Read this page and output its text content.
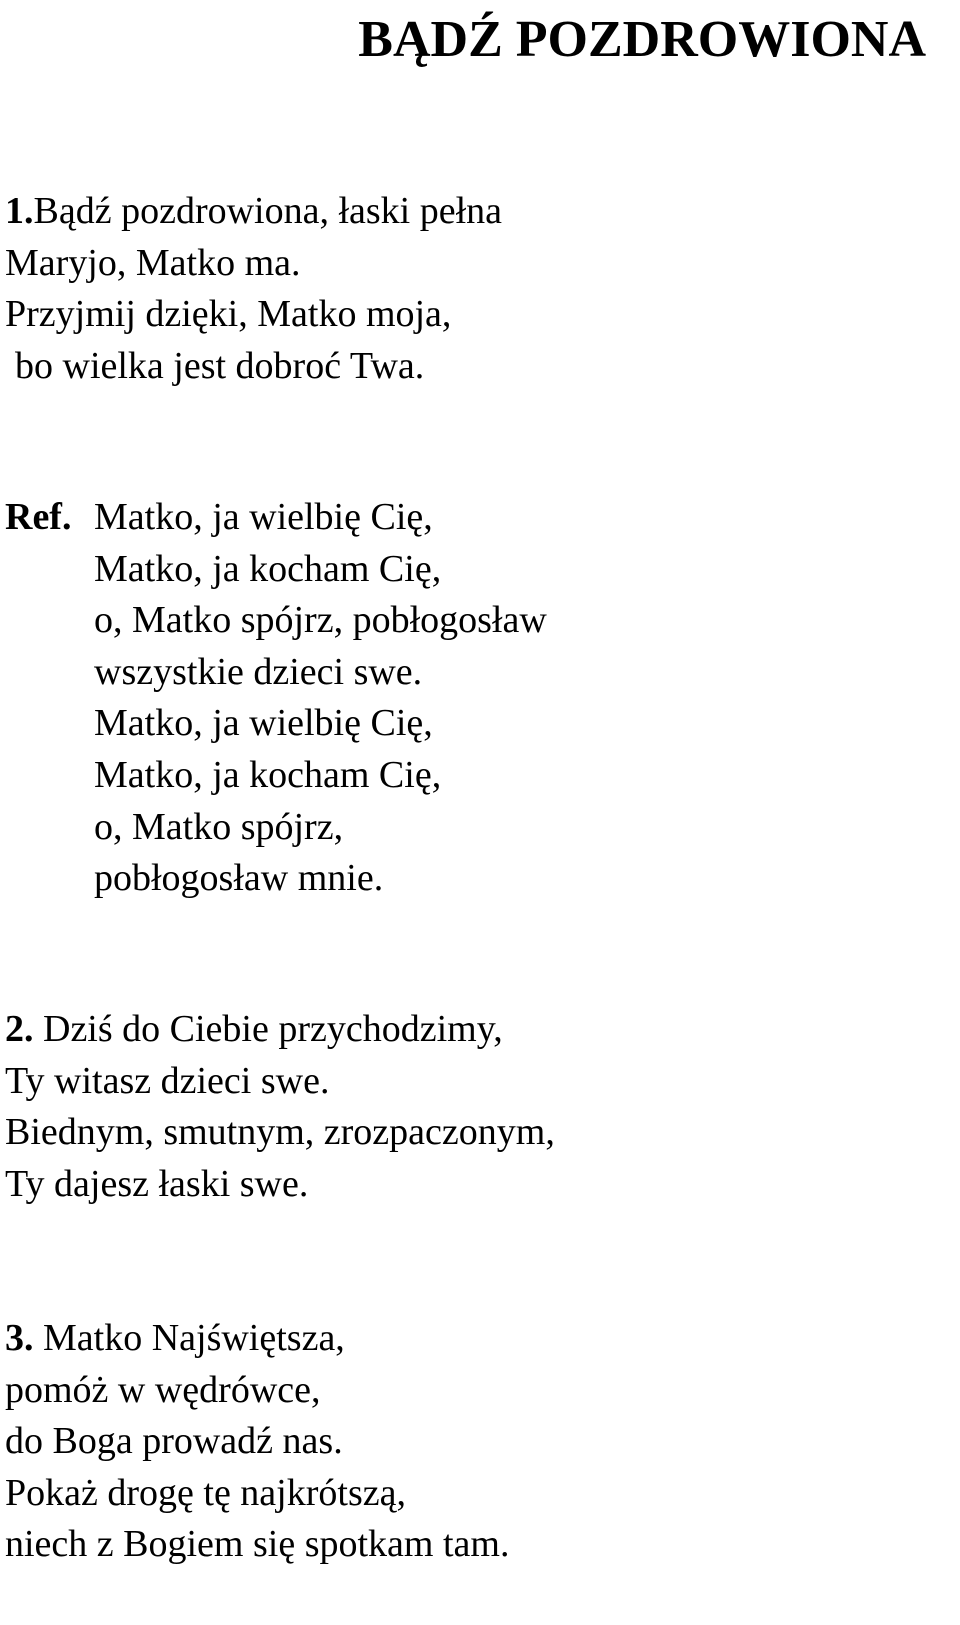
BĄDŹ POZDROWIONA
1.Bądź pozdrowiona, łaski pełna
Maryjo, Matko ma.
Przyjmij dzięki, Matko moja,
bo wielka jest dobroć Twa.
Ref. Matko, ja wielbię Cię,
Matko, ja kocham Cię,
o, Matko spójrz, pobłogosław
wszystkie dzieci swe.
Matko, ja wielbię Cię,
Matko, ja kocham Cię,
o, Matko spójrz,
pobłogosław mnie.
2. Dziś do Ciebie przychodzimy,
Ty witasz dzieci swe.
Biednym, smutnym, zrozpaczonym,
Ty dajesz łaski swe.
3. Matko Najświętsza,
pomóż w wędrówce,
do Boga prowadź nas.
Pokaż drogę tę najkrótszą,
niech z Bogiem się spotkam tam.
